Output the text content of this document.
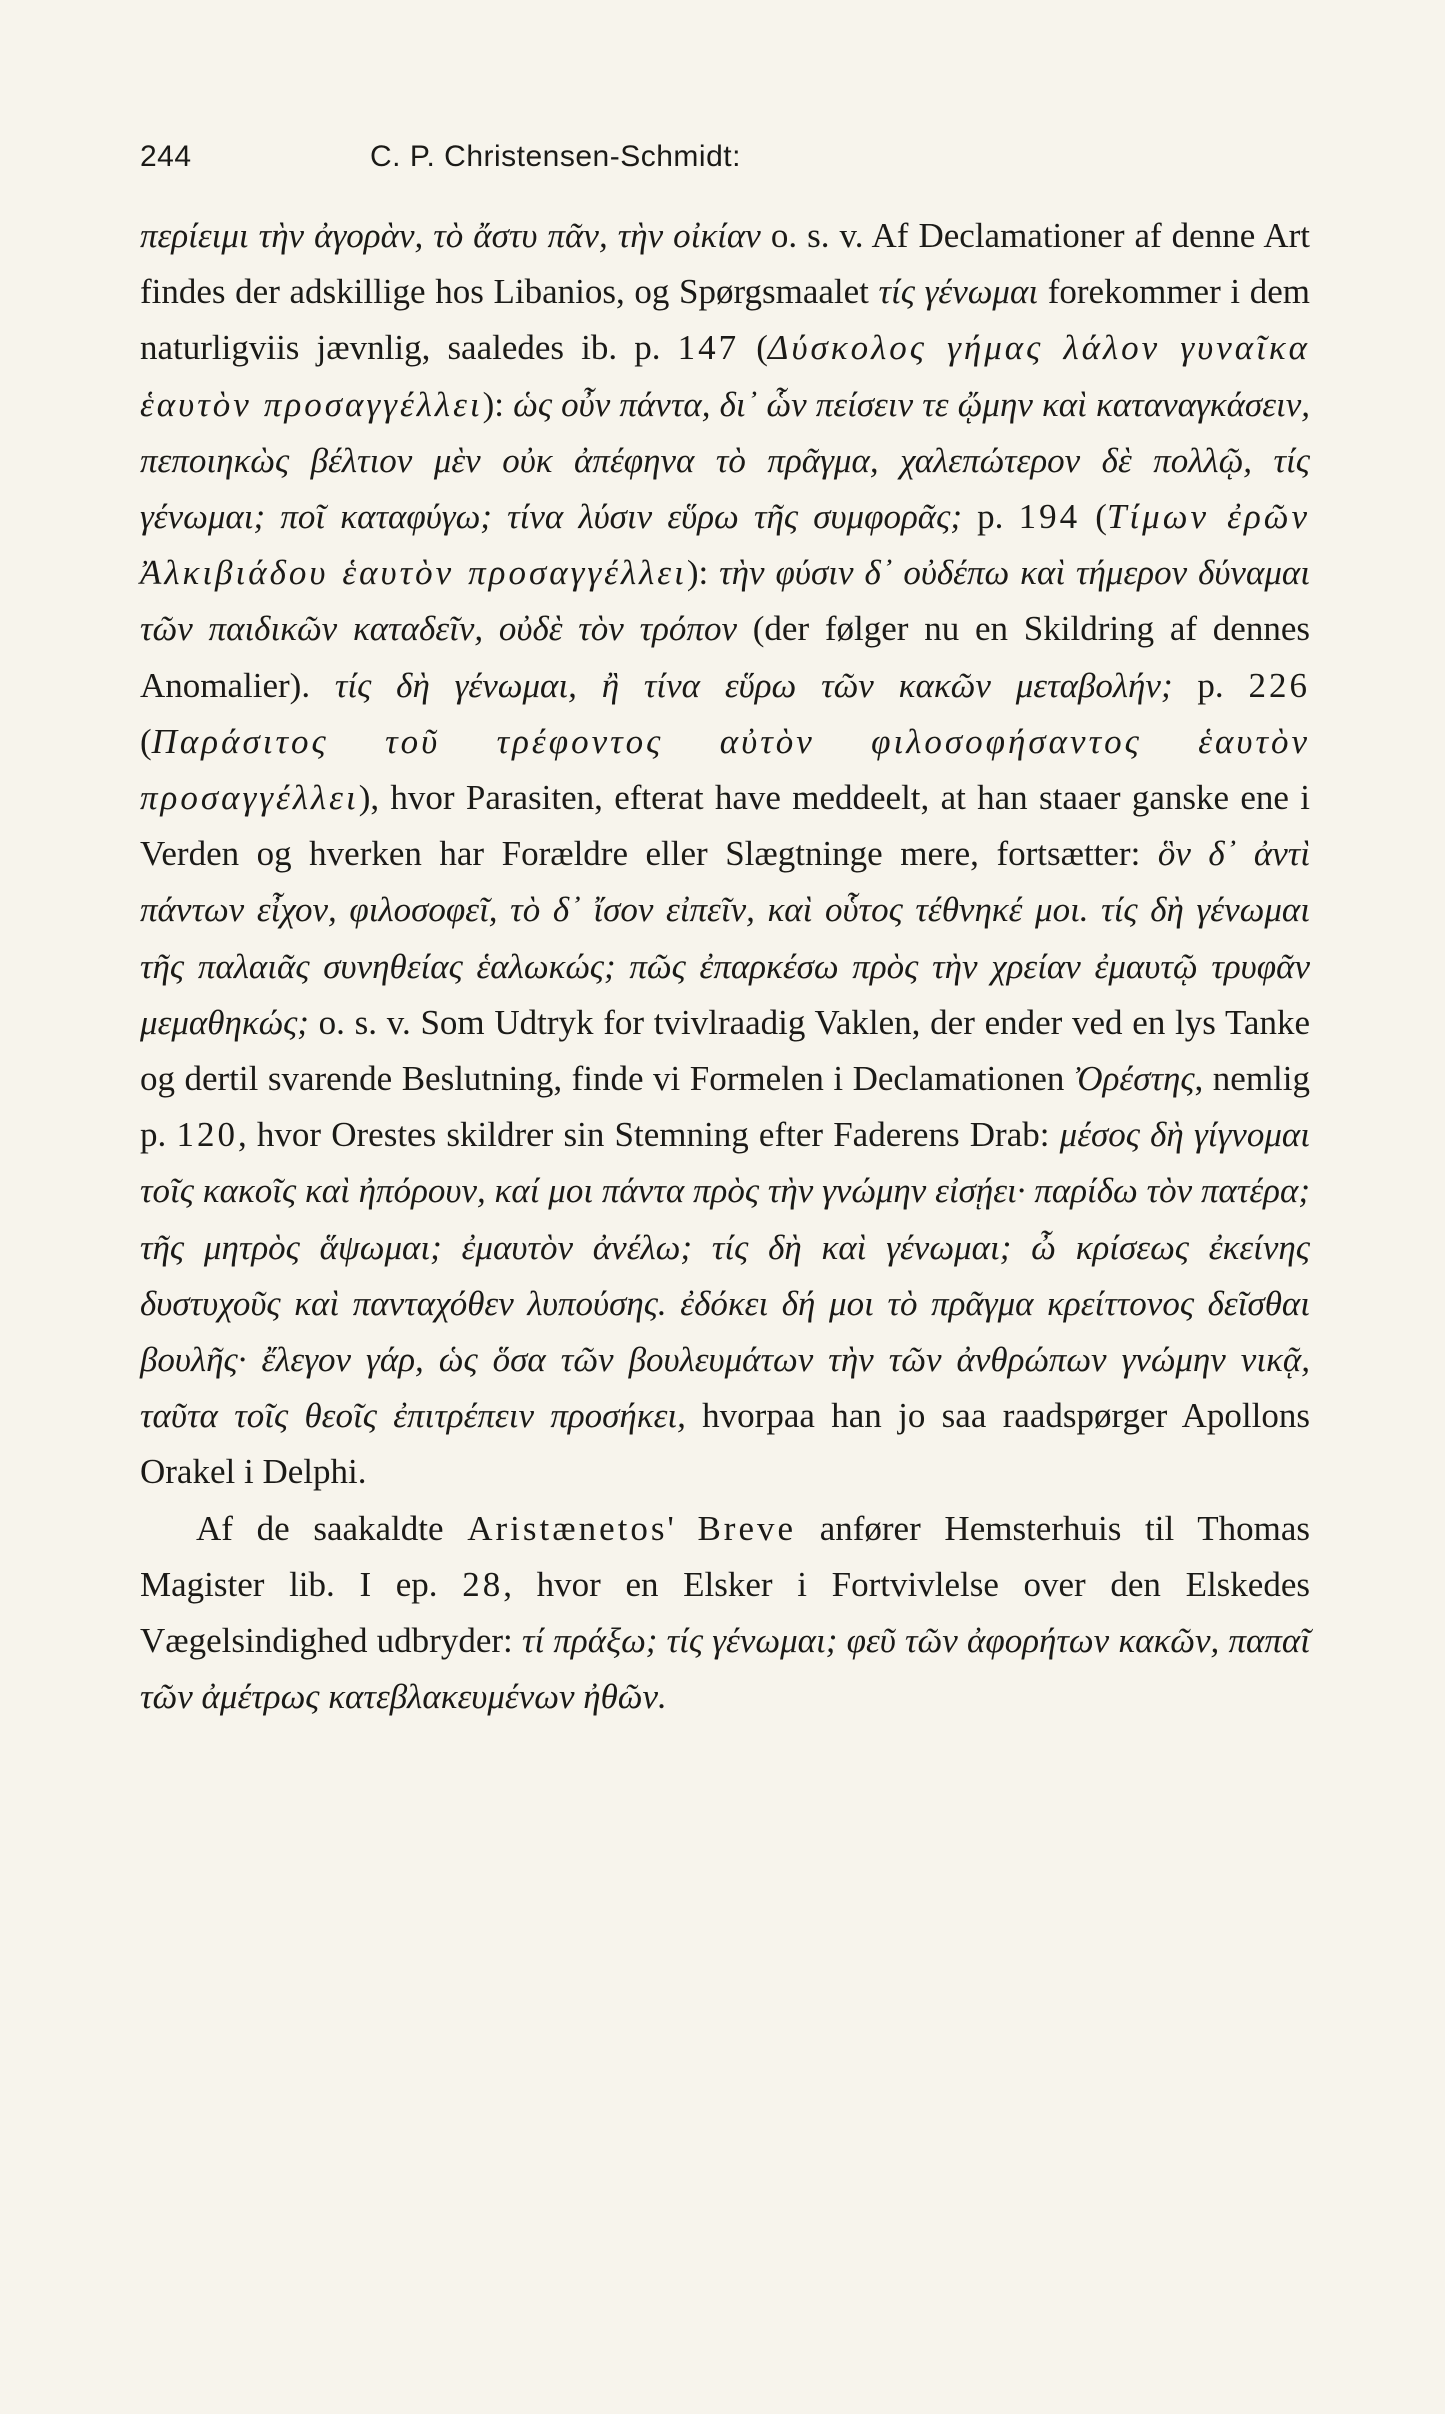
244	C. P. Christensen-Schmidt:

περίειμι τὴν ἀγορὰν, τὸ ἄστυ πᾶν, τὴν οἰκίαν o. s. v. Af Declamationer af denne Art findes der adskillige hos Libanios, og Spørgsmaalet τίς γένωμαι forekommer i dem naturligviis jævnlig, saaledes ib. p. 147 (Δύσκολος γήμας λάλον γυναῖκα ἑαυτὸν προσαγγέλλει): ὡς οὖν πάντα, δι᾽ ὧν πείσειν τε ᾤμην καὶ καταναγκάσειν, πεποιηκὼς βέλτιον μὲν οὐκ ἀπέφηνα τὸ πρᾶγμα, χαλεπώτερον δὲ πολλῷ, τίς γένωμαι; ποῖ καταφύγω; τίνα λύσιν εὕρω τῆς συμφορᾶς; p. 194 (Τίμων ἐρῶν Ἀλκιβιάδου ἑαυτὸν προσαγγέλλει): τὴν φύσιν δ᾽ οὐδέπω καὶ τήμερον δύναμαι τῶν παιδικῶν καταδεῖν, οὐδὲ τὸν τρόπον (der følger nu en Skildring af dennes Anomalier). τίς δὴ γένωμαι, ἢ τίνα εὕρω τῶν κακῶν μεταβολήν; p. 226 (Παράσιτος τοῦ τρέφοντος αὐτὸν φιλοσοφήσαντος ἑαυτὸν προσαγγέλλει), hvor Parasiten, efterat have meddeelt, at han staaer ganske ene i Verden og hverken har Forældre eller Slægtninge mere, fortsætter: ὃν δ᾽ ἀντὶ πάντων εἶχον, φιλοσοφεῖ, τὸ δ᾽ ἴσον εἰπεῖν, καὶ οὗτος τέθνηκέ μοι. τίς δὴ γένωμαι τῆς παλαιᾶς συνηθείας ἑαλωκώς; πῶς ἐπαρκέσω πρὸς τὴν χρείαν ἐμαυτῷ τρυφᾶν μεμαθηκώς; o. s. v. Som Udtryk for tvivlraadig Vaklen, der ender ved en lys Tanke og dertil svarende Beslutning, finde vi Formelen i Declamationen Ὀρέστης, nemlig p. 120, hvor Orestes skildrer sin Stemning efter Faderens Drab: μέσος δὴ γίγνομαι τοῖς κακοῖς καὶ ἠπόρουν, καί μοι πάντα πρὸς τὴν γνώμην εἰσῄει· παρίδω τὸν πατέρα; τῆς μητρὸς ἅψωμαι; ἐμαυτὸν ἀνέλω; τίς δὴ καὶ γένωμαι; ὦ κρίσεως ἐκείνης δυστυχοῦς καὶ πανταχόθεν λυπούσης. ἐδόκει δή μοι τὸ πρᾶγμα κρείττονος δεῖσθαι βουλῆς· ἔλεγον γάρ, ὡς ὅσα τῶν βουλευμάτων τὴν τῶν ἀνθρώπων γνώμην νικᾷ, ταῦτα τοῖς θεοῖς ἐπιτρέπειν προσήκει, hvorpaa han jo saa raadspørger Apollons Orakel i Delphi.

Af de saakaldte Aristænetos' Breve anfører Hemsterhuis til Thomas Magister lib. I ep. 28, hvor en Elsker i Fortvivlelse over den Elskedes Vægelsindighed udbryder: τί πράξω; τίς γένωμαι; φεῦ τῶν ἀφορήτων κακῶν, παπαῖ τῶν ἀμέτρως κατεβλακευμένων ἠθῶν.
